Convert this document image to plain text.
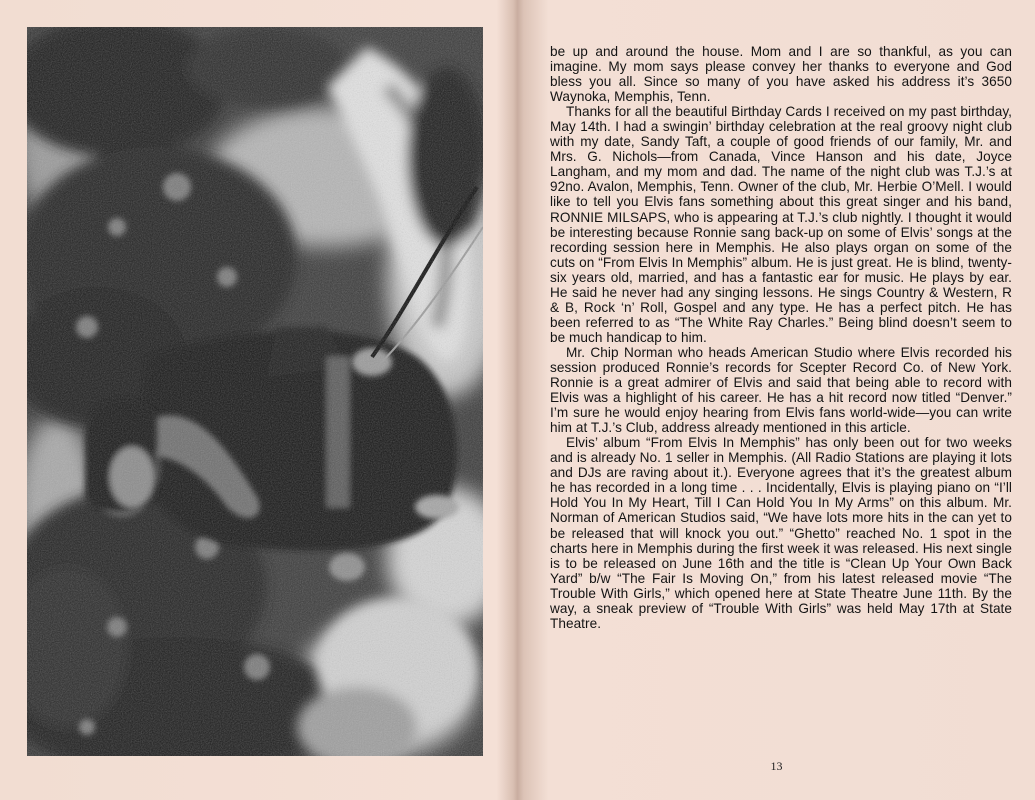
be up and around the house. Mom and I are so thankful, as you can imagine. My mom says please convey her thanks to everyone and God bless you all. Since so many of you have asked his address it’s 3650 Waynoka, Memphis, Tenn.

Thanks for all the beautiful Birthday Cards I received on my past birthday, May 14th. I had a swingin’ birthday celebration at the real groovy night club with my date, Sandy Taft, a couple of good friends of our family, Mr. and Mrs. G. Nichols—from Canada, Vince Hanson and his date, Joyce Langham, and my mom and dad. The name of the night club was T.J.’s at 92no. Avalon, Memphis, Tenn. Owner of the club, Mr. Herbie O’Mell. I would like to tell you Elvis fans something about this great singer and his band, RONNIE MILSAPS, who is appearing at T.J.’s club nightly. I thought it would be interesting because Ronnie sang back-up on some of Elvis’ songs at the recording session here in Memphis. He also plays organ on some of the cuts on “From Elvis In Memphis” album. He is just great. He is blind, twenty-six years old, married, and has a fantastic ear for music. He plays by ear. He said he never had any singing lessons. He sings Country & Western, R & B, Rock ‘n’ Roll, Gospel and any type. He has a perfect pitch. He has been referred to as “The White Ray Charles.” Being blind doesn’t seem to be much handicap to him.

Mr. Chip Norman who heads American Studio where Elvis recorded his session produced Ronnie’s records for Scepter Record Co. of New York. Ronnie is a great admirer of Elvis and said that being able to record with Elvis was a highlight of his career. He has a hit record now titled “Denver.” I’m sure he would enjoy hearing from Elvis fans world-wide—you can write him at T.J.’s Club, address already mentioned in this article.

Elvis’ album “From Elvis In Memphis” has only been out for two weeks and is already No. 1 seller in Memphis. (All Radio Stations are playing it lots and DJs are raving about it.). Everyone agrees that it’s the greatest album he has recorded in a long time . . . Incidentally, Elvis is playing piano on “I’ll Hold You In My Heart, Till I Can Hold You In My Arms” on this album. Mr. Norman of American Studios said, “We have lots more hits in the can yet to be released that will knock you out.” “Ghetto” reached No. 1 spot in the charts here in Memphis during the first week it was released. His next single is to be released on June 16th and the title is “Clean Up Your Own Back Yard” b/w “The Fair Is Moving On,” from his latest released movie “The Trouble With Girls,” which opened here at State Theatre June 11th. By the way, a sneak preview of “Trouble With Girls” was held May 17th at State Theatre.

13
